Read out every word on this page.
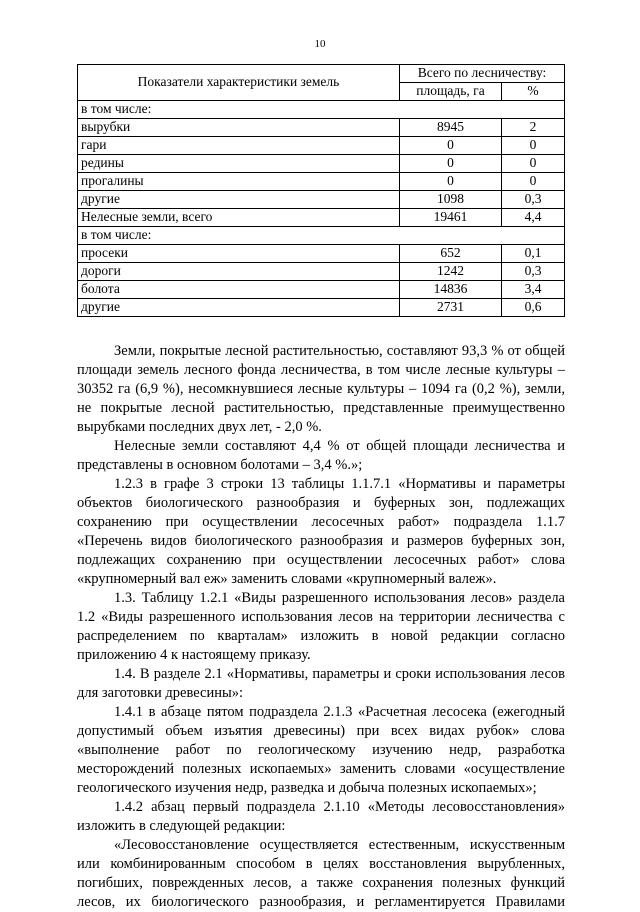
10
Показатели характеристики земель	Всего по лесничеству:	
	площадь, га	%
в том числе:		
вырубки	8945	2
гари	0	0
редины	0	0
прогалины	0	0
другие	1098	0,3
Нелесные земли, всего	19461	4,4
в том числе:		
просеки	652	0,1
дороги	1242	0,3
болота	14836	3,4
другие	2731	0,6

Земли, покрытые лесной растительностью, составляют 93,3 % от общей площади земель лесного фонда лесничества, в том числе лесные культуры – 30352 га (6,9 %), несомкнувшиеся лесные культуры – 1094 га (0,2 %), земли, не покрытые лесной растительностью, представленные преимущественно вырубками последних двух лет, - 2,0 %.

Нелесные земли составляют 4,4 % от общей площади лесничества и представлены в основном болотами – 3,4 %.»;

1.2.3 в графе 3 строки 13 таблицы 1.1.7.1 «Нормативы и параметры объектов биологического разнообразия и буферных зон, подлежащих сохранению при осуществлении лесосечных работ» подраздела 1.1.7 «Перечень видов биологического разнообразия и размеров буферных зон, подлежащих сохранению при осуществлении лесосечных работ» слова «крупномерный вал еж» заменить словами «крупномерный валеж».

1.3. Таблицу 1.2.1 «Виды разрешенного использования лесов» раздела 1.2 «Виды разрешенного использования лесов на территории лесничества с распределением по кварталам» изложить в новой редакции согласно приложению 4 к настоящему приказу.

1.4. В разделе 2.1 «Нормативы, параметры и сроки использования лесов для заготовки древесины»:

1.4.1 в абзаце пятом подраздела 2.1.3 «Расчетная лесосека (ежегодный допустимый объем изъятия древесины) при всех видах рубок» слова «выполнение работ по геологическому изучению недр, разработка месторождений полезных ископаемых» заменить словами «осуществление геологического изучения недр, разведка и добыча полезных ископаемых»;

1.4.2 абзац первый подраздела 2.1.10 «Методы лесовосстановления» изложить в следующей редакции:

«Лесовосстановление осуществляется естественным, искусственным или комбинированным способом в целях восстановления вырубленных, погибших, поврежденных лесов, а также сохранения полезных функций лесов, их биологического разнообразия, и регламентируется Правилами
